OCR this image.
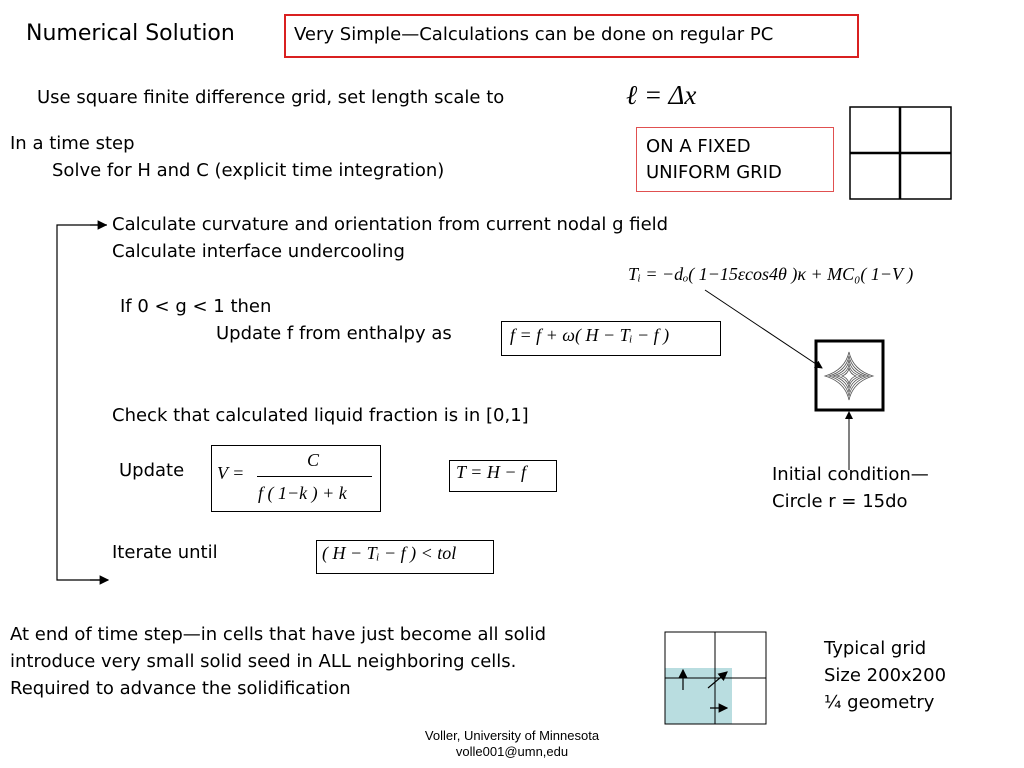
Numerical Solution	Very Simple—Calculations can be done on regular PC
Use square finite difference grid, set length scale to	ℓ = Δx
In a time step
Solve for H and C (explicit time integration)
ON A FIXED
UNIFORM GRID
Calculate curvature and orientation from current nodal g field
Calculate interface undercooling
If 0 < g < 1 then
Update f from enthalpy as
Check that calculated liquid fraction is in [0,1]
Update
Iterate until
Tᵢ = −dₒ( 1−15εcos4θ )κ + MC₀( 1−V )
f = f + ω( H − Tᵢ − f )
V =
C
f ( 1−k ) + k
T = H − f
( H − Tᵢ − f ) < tol
Initial condition—
Circle r = 15do
At end of time step—in cells that have just become all solid
introduce very small solid seed in ALL neighboring cells.
Required to advance the solidification
Typical grid
Size 200x200
¼ geometry
Voller, University of Minnesota
volle001@umn,edu
